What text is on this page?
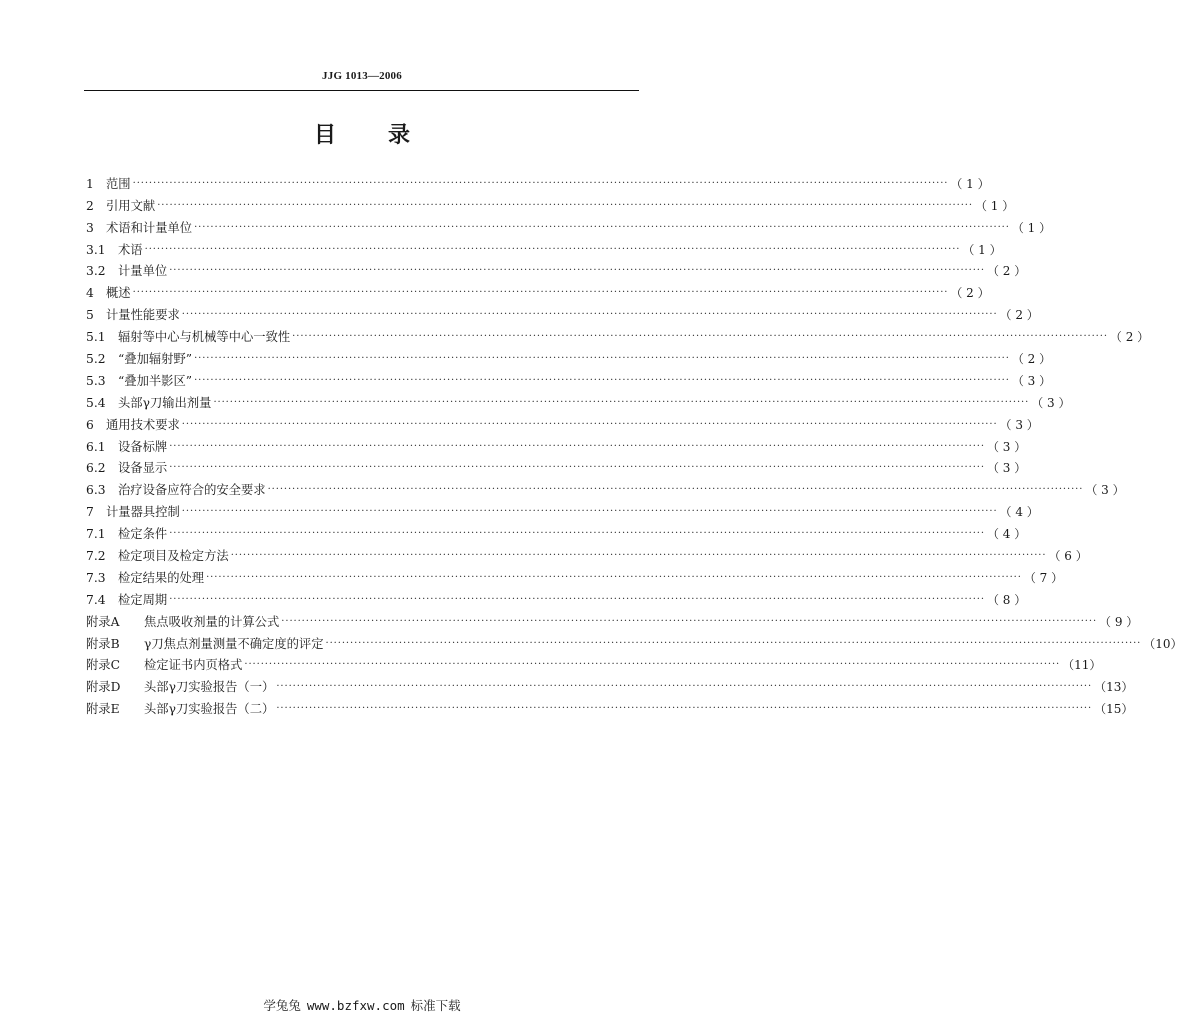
JJG 1013—2006
目 录
1 范围 ········································································································································································································ （ 1 ）
2 引用文献 ········································································································································································································ （ 1 ）
3 术语和计量单位 ········································································································································································································ （ 1 ）
3.1	术语 ········································································································································································································ （ 1 ）
3.2	计量单位 ········································································································································································································ （ 2 ）
4 概述 ········································································································································································································ （ 2 ）
5 计量性能要求 ········································································································································································································ （ 2 ）
5.1	辐射等中心与机械等中心一致性 ········································································································································································································ （ 2 ）
5.2	“叠加辐射野” ········································································································································································································ （ 2 ）
5.3	“叠加半影区” ········································································································································································································ （ 3 ）
5.4	头部γ刀输出剂量 ········································································································································································································ （ 3 ）
6 通用技术要求 ········································································································································································································ （ 3 ）
6.1	设备标牌 ········································································································································································································ （ 3 ）
6.2	设备显示 ········································································································································································································ （ 3 ）
6.3	治疗设备应符合的安全要求 ········································································································································································································ （ 3 ）
7 计量器具控制 ········································································································································································································ （ 4 ）
7.1	检定条件 ········································································································································································································ （ 4 ）
7.2	检定项目及检定方法 ········································································································································································································ （ 6 ）
7.3	检定结果的处理 ········································································································································································································ （ 7 ）
7.4	检定周期 ········································································································································································································ （ 8 ）
附录A	焦点吸收剂量的计算公式 ········································································································································································································ （ 9 ）
附录B	γ刀焦点剂量测量不确定度的评定 ········································································································································································································ （10）
附录C	检定证书内页格式 ········································································································································································································ （11）
附录D	头部γ刀实验报告（一） ········································································································································································································ （13）
附录E	头部γ刀实验报告（二） ········································································································································································································ （15）
学兔兔 www.bzfxw.com 标准下载
